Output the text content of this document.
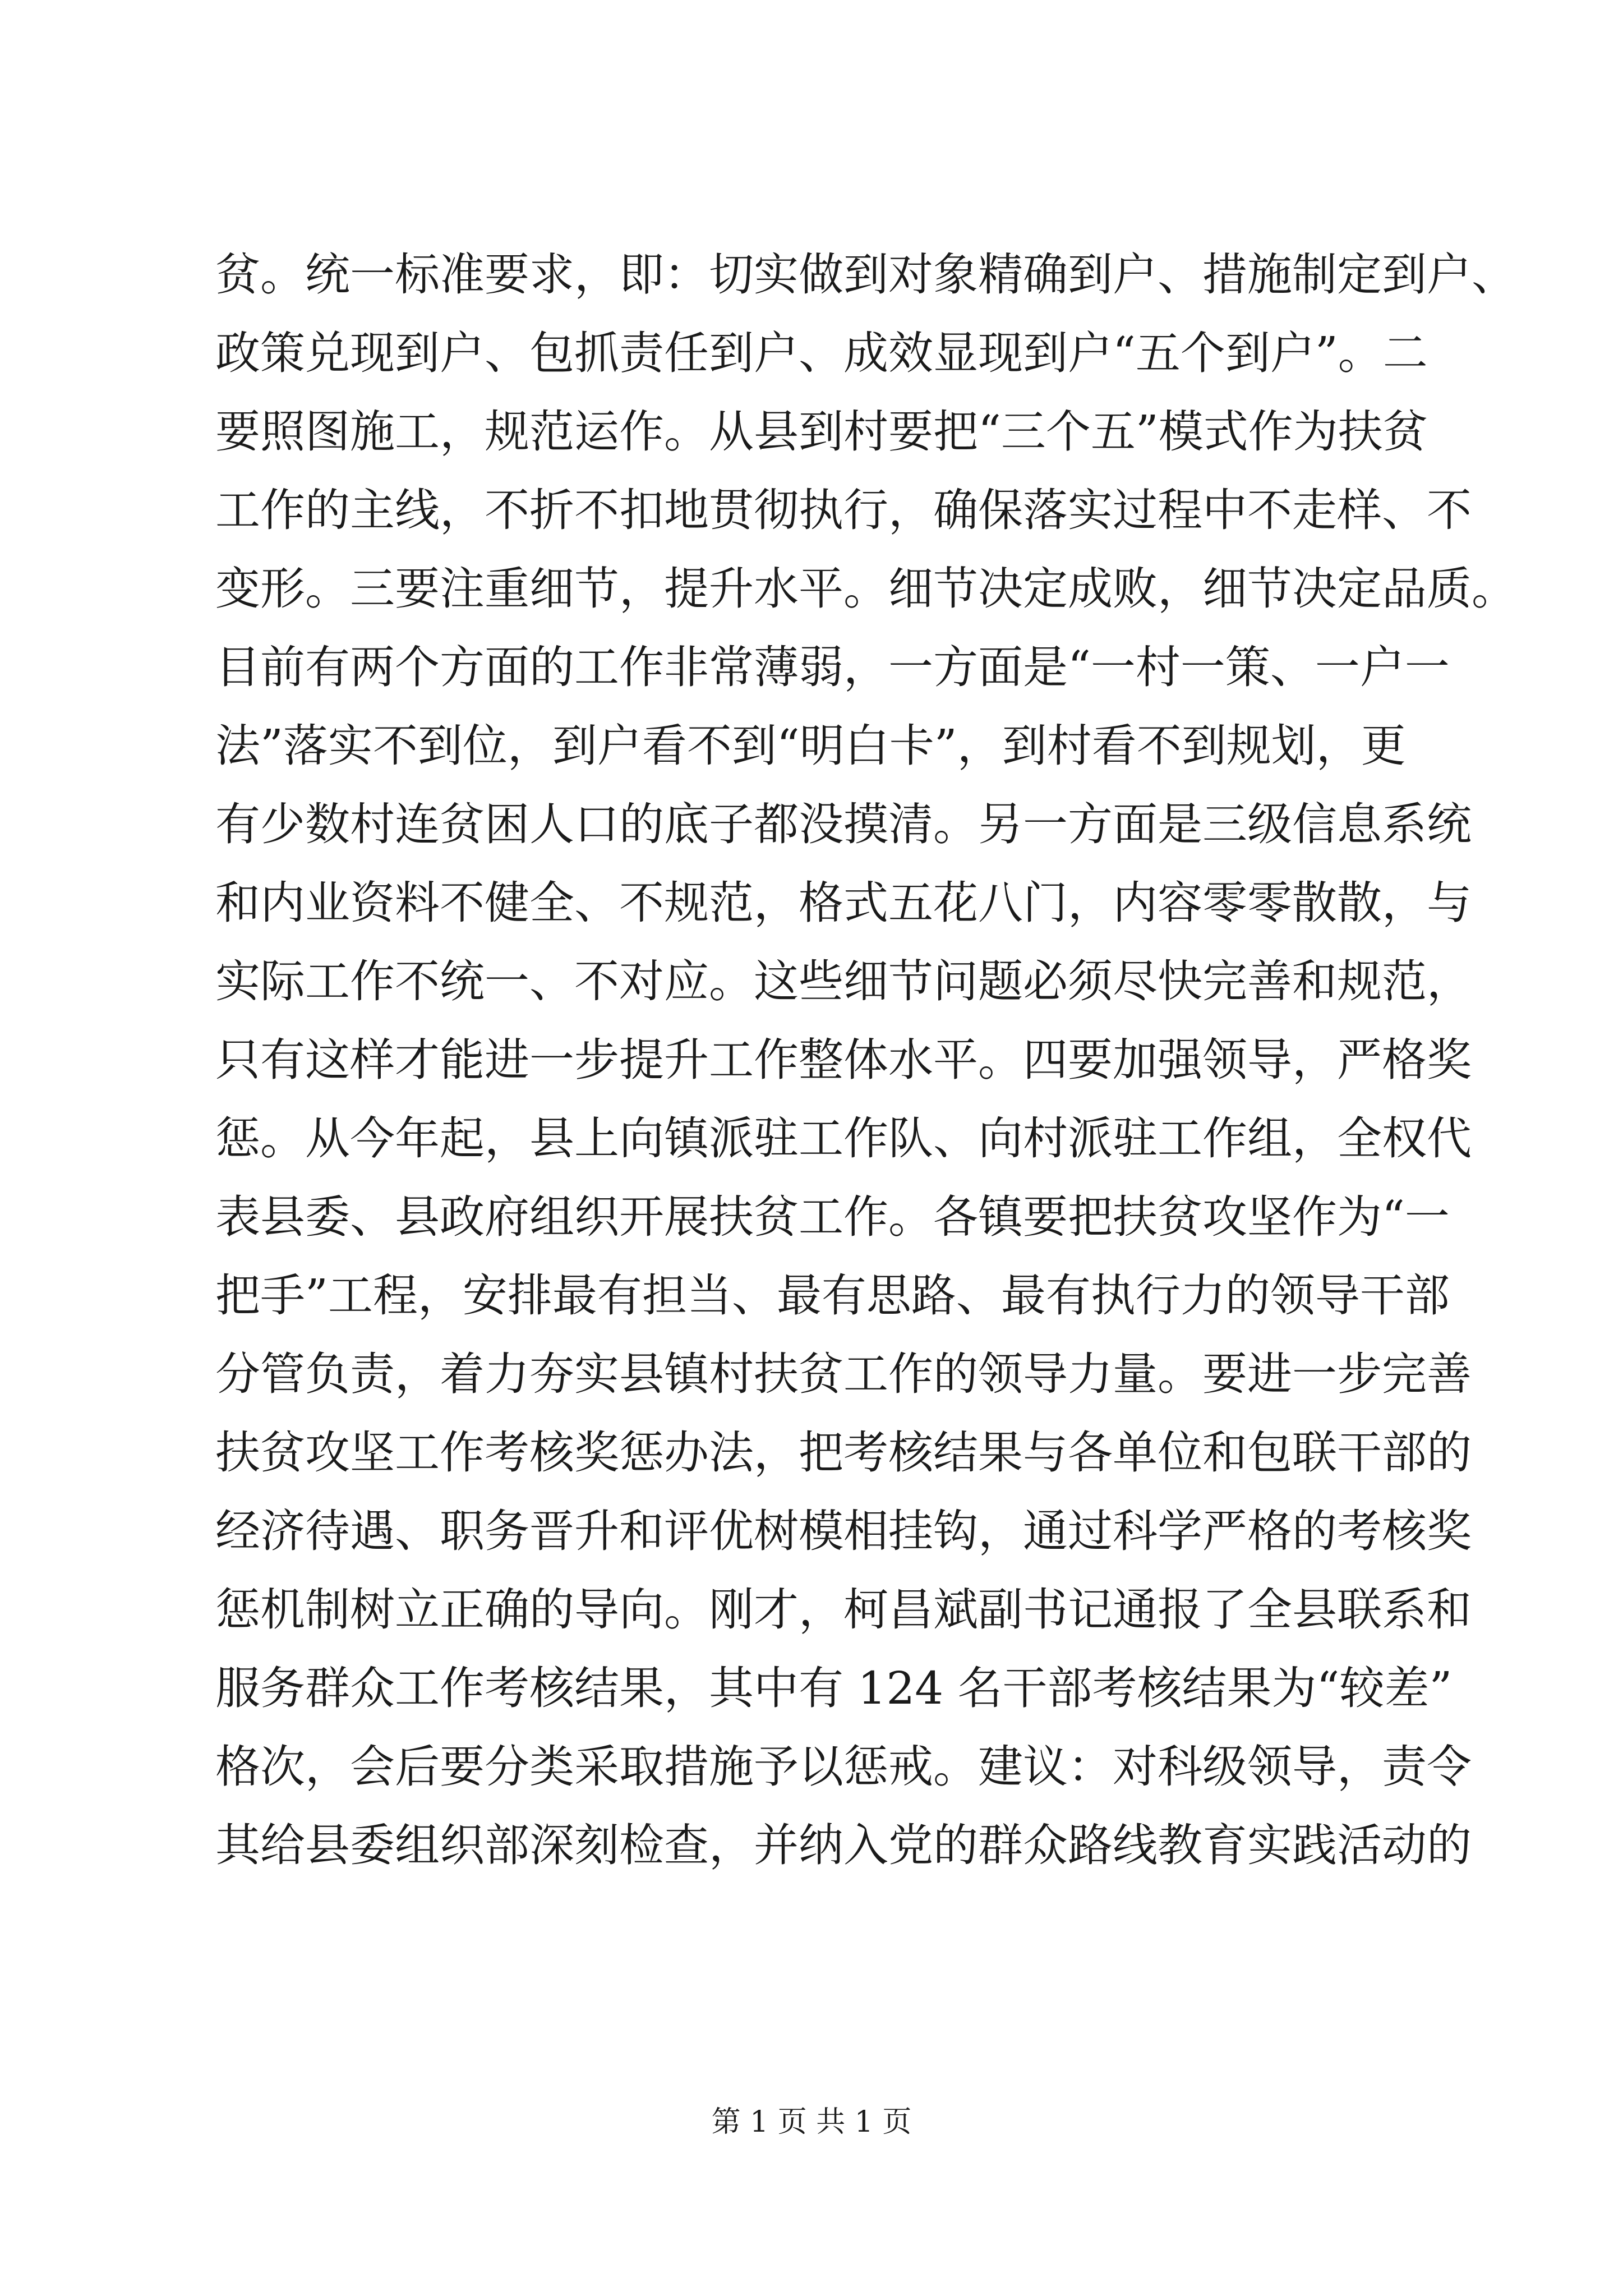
贫。统一标准要求，即：切实做到对象精确到户、措施制定到户、
政策兑现到户、包抓责任到户、成效显现到户“五个到户”。二
要照图施工，规范运作。从县到村要把“三个五”模式作为扶贫
工作的主线，不折不扣地贯彻执行，确保落实过程中不走样、不
变形。三要注重细节，提升水平。细节决定成败，细节决定品质。
目前有两个方面的工作非常薄弱，一方面是“一村一策、一户一
法”落实不到位，到户看不到“明白卡”，到村看不到规划，更
有少数村连贫困人口的底子都没摸清。另一方面是三级信息系统
和内业资料不健全、不规范，格式五花八门，内容零零散散，与
实际工作不统一、不对应。这些细节问题必须尽快完善和规范，
只有这样才能进一步提升工作整体水平。四要加强领导，严格奖
惩。从今年起，县上向镇派驻工作队、向村派驻工作组，全权代
表县委、县政府组织开展扶贫工作。各镇要把扶贫攻坚作为“一
把手”工程，安排最有担当、最有思路、最有执行力的领导干部
分管负责，着力夯实县镇村扶贫工作的领导力量。要进一步完善
扶贫攻坚工作考核奖惩办法，把考核结果与各单位和包联干部的
经济待遇、职务晋升和评优树模相挂钩，通过科学严格的考核奖
惩机制树立正确的导向。刚才，柯昌斌副书记通报了全县联系和
服务群众工作考核结果，其中有 124 名干部考核结果为“较差”
格次，会后要分类采取措施予以惩戒。建议：对科级领导，责令
其给县委组织部深刻检查，并纳入党的群众路线教育实践活动的
第 1 页 共 1 页
